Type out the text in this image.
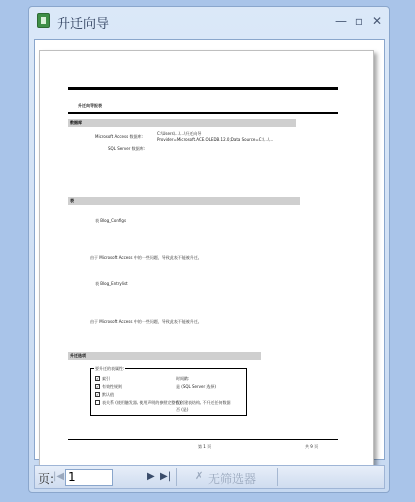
升迁向导	— ▫ ✕
升迁向导报表
数据库
Microsoft Access 数据库:
C:\Users\...\...\升迁向导
Provider=Microsoft.ACE.OLEDB.12.0;Data Source=C:\...\...
SQL Server 数据库:
表
表 Blog_Configs
由于 Microsoft Access 中的一些问题，导致此表不能被升迁。
表 Blog_Entrylist
由于 Microsoft Access 中的一些问题，导致此表不能被升迁。
升迁选项
要升迁的表属性:
✓ 索引
✓ 有效性规则
✓ 默认值
表关系 (使用触发器, 使用声明的参照完整性)
时间戳:
是 (SQL Server 选择)
仅创建表结构, 不升迁任何数据
否 (是)
第 1 页	共 9 页
页:
|◀ 1	▶ ▶| ✗ 无筛选器
